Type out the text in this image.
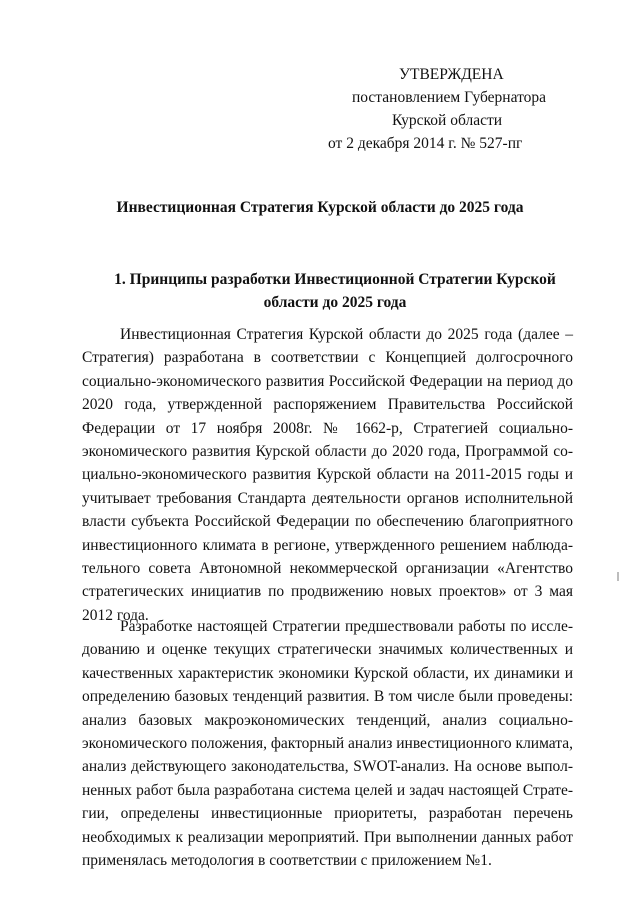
УТВЕРЖДЕНА
постановлением Губернатора
Курской области
от 2 декабря 2014 г. № 527-пг
Инвестиционная Стратегия Курской области до 2025 года
1. Принципы разработки Инвестиционной Стратегии Курской области до 2025 года

Инвестиционная Стратегия Курской области до 2025 года (далее – Стратегия) разработана в соответствии с Концепцией долгосрочного социально-экономического развития Российской Федерации на период до 2020 года, утвержденной распоряжением Правительства Российской Федерации от 17 ноября 2008г. № 1662-р, Стратегией социально-экономического развития Курской области до 2020 года, Программой социально-экономического развития Курской области на 2011-2015 годы и учитывает требования Стандарта деятельности органов исполнительной власти субъекта Российской Федерации по обеспечению благоприятного инвестиционного климата в регионе, утвержденного решением наблюдательного совета Автономной некоммерческой организации «Агентство стратегических инициатив по продвижению новых проектов» от 3 мая 2012 года.

Разработке настоящей Стратегии предшествовали работы по исследованию и оценке текущих стратегически значимых количественных и качественных характеристик экономики Курской области, их динамики и определению базовых тенденций развития. В том числе были проведены: анализ базовых макроэкономических тенденций, анализ социально-экономического положения, факторный анализ инвестиционного климата, анализ действующего законодательства, SWOT-анализ. На основе выполненных работ была разработана система целей и задач настоящей Стратегии, определены инвестиционные приоритеты, разработан перечень необходимых к реализации мероприятий. При выполнении данных работ применялась методология в соответствии с приложением №1.
